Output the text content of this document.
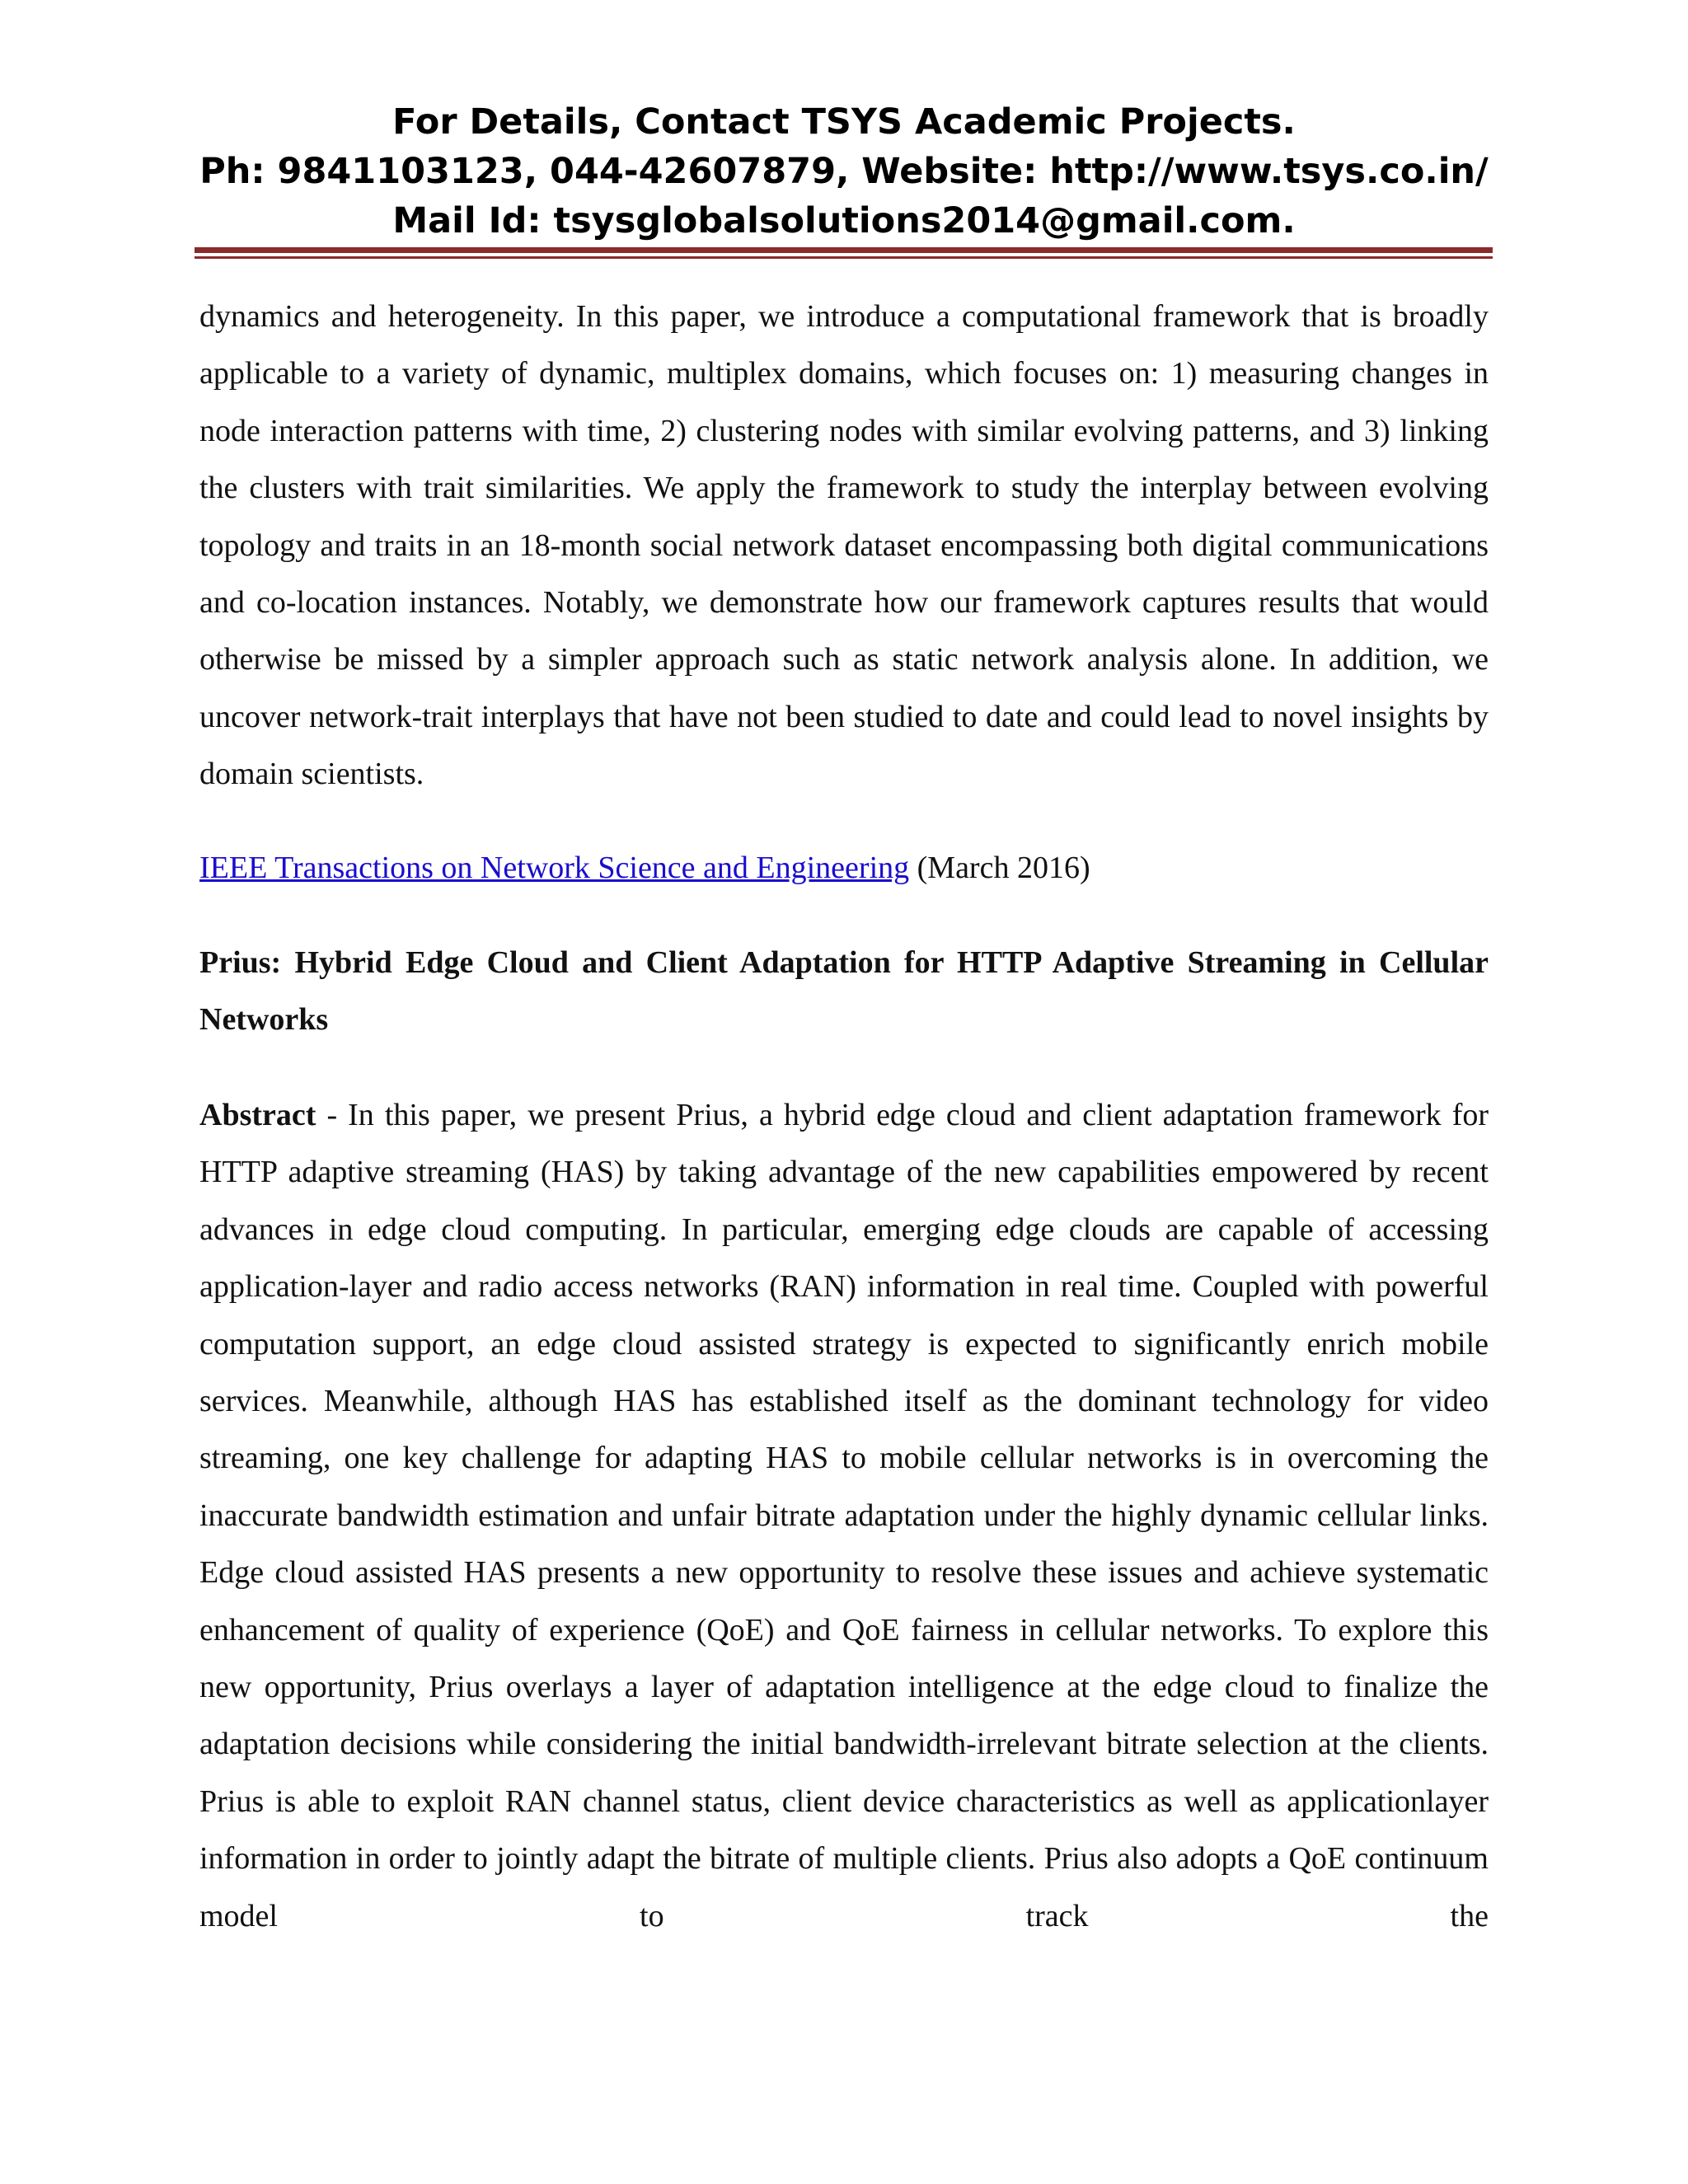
For Details, Contact TSYS Academic Projects.
Ph: 9841103123, 044-42607879, Website: http://www.tsys.co.in/
Mail Id: tsysglobalsolutions2014@gmail.com.

dynamics and heterogeneity. In this paper, we introduce a computational framework that is broadly applicable to a variety of dynamic, multiplex domains, which focuses on: 1) measuring changes in node interaction patterns with time, 2) clustering nodes with similar evolving patterns, and 3) linking the clusters with trait similarities. We apply the framework to study the interplay between evolving topology and traits in an 18-month social network dataset encompassing both digital communications and co-location instances. Notably, we demonstrate how our framework captures results that would otherwise be missed by a simpler approach such as static network analysis alone. In addition, we uncover network-trait interplays that have not been studied to date and could lead to novel insights by domain scientists.

IEEE Transactions on Network Science and Engineering (March 2016)
Prius: Hybrid Edge Cloud and Client Adaptation for HTTP Adaptive Streaming in Cellular Networks
Abstract - In this paper, we present Prius, a hybrid edge cloud and client adaptation framework for HTTP adaptive streaming (HAS) by taking advantage of the new capabilities empowered by recent advances in edge cloud computing. In particular, emerging edge clouds are capable of accessing application-layer and radio access networks (RAN) information in real time. Coupled with powerful computation support, an edge cloud assisted strategy is expected to significantly enrich mobile services. Meanwhile, although HAS has established itself as the dominant technology for video streaming, one key challenge for adapting HAS to mobile cellular networks is in overcoming the inaccurate bandwidth estimation and unfair bitrate adaptation under the highly dynamic cellular links. Edge cloud assisted HAS presents a new opportunity to resolve these issues and achieve systematic enhancement of quality of experience (QoE) and QoE fairness in cellular networks. To explore this new opportunity, Prius overlays a layer of adaptation intelligence at the edge cloud to finalize the adaptation decisions while considering the initial bandwidth-irrelevant bitrate selection at the clients. Prius is able to exploit RAN channel status, client device characteristics as well as applicationlayer information in order to jointly adapt the bitrate of multiple clients. Prius also adopts a QoE continuum model to track the
